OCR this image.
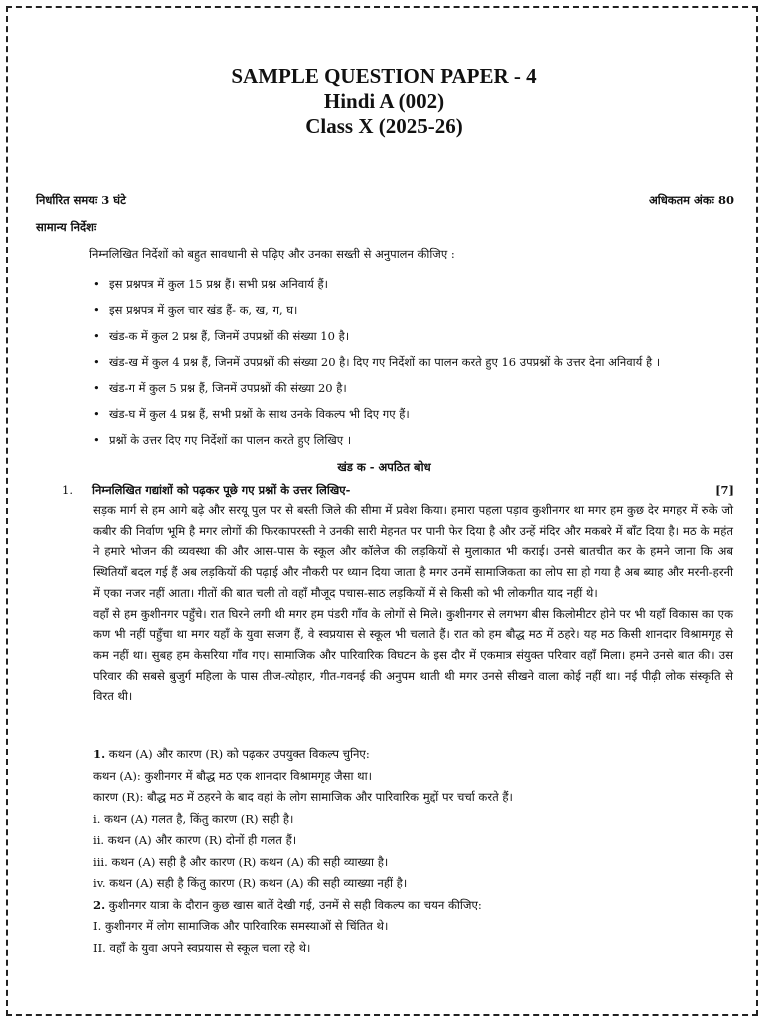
SAMPLE QUESTION PAPER - 4
Hindi A (002)
Class X (2025-26)
निर्धारित समयः 3 घंटे	अधिकतम अंकः 80
सामान्य निर्देशः
निम्नलिखित निर्देशों को बहुत सावधानी से पढ़िए और उनका सख्ती से अनुपालन कीजिए :
• इस प्रश्नपत्र में कुल 15 प्रश्न हैं। सभी प्रश्न अनिवार्य हैं।
• इस प्रश्नपत्र में कुल चार खंड हैं- क, ख, ग, घ।
• खंड-क में कुल 2 प्रश्न हैं, जिनमें उपप्रश्नों की संख्या 10 है।
• खंड-ख में कुल 4 प्रश्न हैं, जिनमें उपप्रश्नों की संख्या 20 है। दिए गए निर्देशों का पालन करते हुए 16 उपप्रश्नों के उत्तर देना अनिवार्य है ।
• खंड-ग में कुल 5 प्रश्न हैं, जिनमें उपप्रश्नों की संख्या 20 है।
• खंड-घ में कुल 4 प्रश्न हैं, सभी प्रश्नों के साथ उनके विकल्प भी दिए गए हैं।
• प्रश्नों के उत्तर दिए गए निर्देशों का पालन करते हुए लिखिए ।
खंड क - अपठित बोध
1. निम्नलिखित गद्यांशों को पढ़कर पूछे गए प्रश्नों के उत्तर लिखिए-	[7]

सड़क मार्ग से हम आगे बढ़े और सरयू पुल पर से बस्ती जिले की सीमा में प्रवेश किया। हमारा पहला पड़ाव कुशीनगर था मगर हम कुछ देर मगहर में रुके जो कबीर की निर्वाण भूमि है मगर लोगों की फिरकापरस्ती ने उनकी सारी मेहनत पर पानी फेर दिया है और उन्हें मंदिर और मकबरे में बाँट दिया है। मठ के महंत ने हमारे भोजन की व्यवस्था की और आस-पास के स्कूल और कॉलेज की लड़कियों से मुलाकात भी कराई। उनसे बातचीत कर के हमने जाना कि अब स्थितियाँ बदल गई हैं अब लड़कियों की पढ़ाई और नौकरी पर ध्यान दिया जाता है मगर उनमें सामाजिकता का लोप सा हो गया है अब ब्याह और मरनी-हरनी में एका नजर नहीं आता। गीतों की बात चली तो वहाँ मौजूद पचास-साठ लड़कियों में से किसी को भी लोकगीत याद नहीं थे।

वहाँ से हम कुशीनगर पहुँचे। रात घिरने लगी थी मगर हम पंडरी गाँव के लोगों से मिले। कुशीनगर से लगभग बीस किलोमीटर होने पर भी यहाँ विकास का एक कण भी नहीं पहुँचा था मगर यहाँ के युवा सजग हैं, वे स्वप्रयास से स्कूल भी चलाते हैं। रात को हम बौद्ध मठ में ठहरे। यह मठ किसी शानदार विश्रामगृह से कम नहीं था। सुबह हम केसरिया गाँव गए। सामाजिक और पारिवारिक विघटन के इस दौर में एकमात्र संयुक्त परिवार वहाँ मिला। हमने उनसे बात की। उस परिवार की सबसे बुजुर्ग महिला के पास तीज-त्योहार, गीत-गवनई की अनुपम थाती थी मगर उनसे सीखने वाला कोई नहीं था। नई पीढ़ी लोक संस्कृति से विरत थी।

1. कथन (A) और कारण (R) को पढ़कर उपयुक्त विकल्प चुनिए:
कथन (A): कुशीनगर में बौद्ध मठ एक शानदार विश्रामगृह जैसा था।
कारण (R): बौद्ध मठ में ठहरने के बाद वहां के लोग सामाजिक और पारिवारिक मुद्दों पर चर्चा करते हैं।
i. कथन (A) गलत है, किंतु कारण (R) सही है।
ii. कथन (A) और कारण (R) दोनों ही गलत हैं।
iii. कथन (A) सही है और कारण (R) कथन (A) की सही व्याख्या है।
iv. कथन (A) सही है किंतु कारण (R) कथन (A) की सही व्याख्या नहीं है।
2. कुशीनगर यात्रा के दौरान कुछ खास बातें देखी गई, उनमें से सही विकल्प का चयन कीजिए:
I. कुशीनगर में लोग सामाजिक और पारिवारिक समस्याओं से चिंतित थे।
II. वहाँ के युवा अपने स्वप्रयास से स्कूल चला रहे थे।
